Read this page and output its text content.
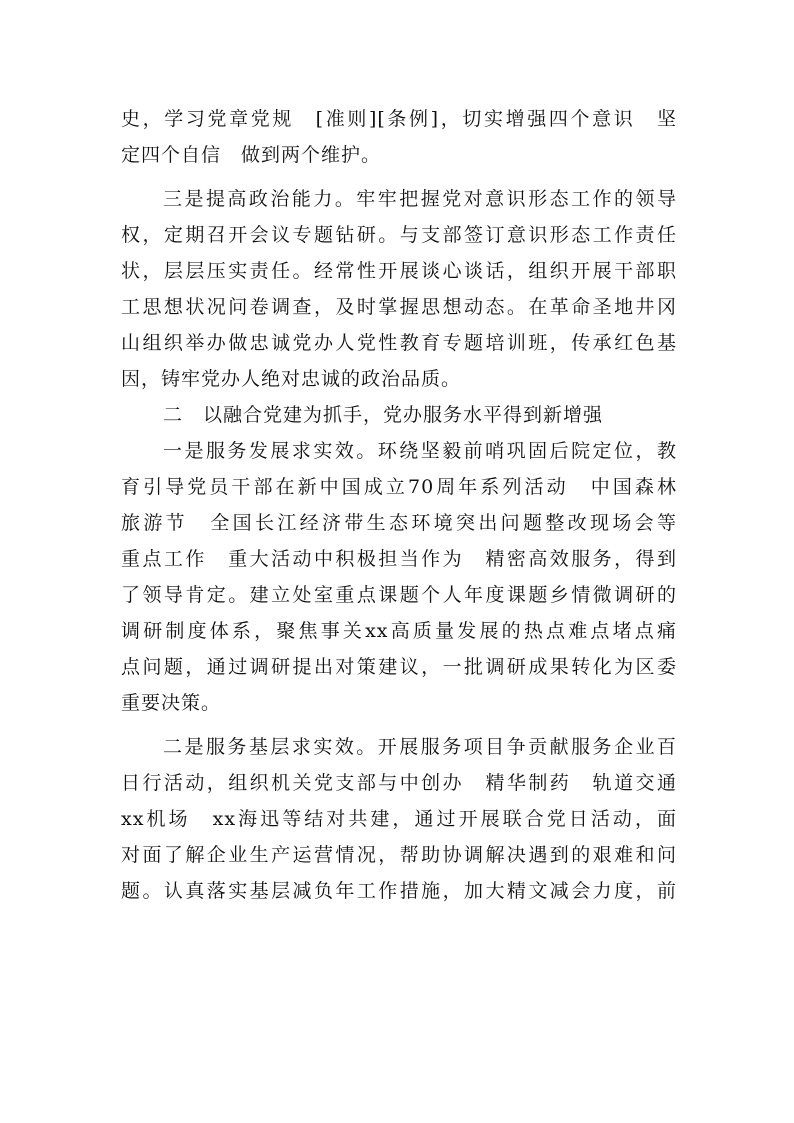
史，学习党章党规　[准则][条例]，切实增强四个意识　坚
定四个自信　做到两个维护。
三是提高政治能力。牢牢把握党对意识形态工作的领导
权，定期召开会议专题钻研。与支部签订意识形态工作责任
状，层层压实责任。经常性开展谈心谈话，组织开展干部职
工思想状况问卷调查，及时掌握思想动态。在革命圣地井冈
山组织举办做忠诚党办人党性教育专题培训班，传承红色基
因，铸牢党办人绝对忠诚的政治品质。
二　以融合党建为抓手，党办服务水平得到新增强
一是服务发展求实效。环绕坚毅前哨巩固后院定位，教
育引导党员干部在新中国成立70周年系列活动　中国森林
旅游节　全国长江经济带生态环境突出问题整改现场会等
重点工作　重大活动中积极担当作为　精密高效服务，得到
了领导肯定。建立处室重点课题个人年度课题乡情微调研的
调研制度体系，聚焦事关xx高质量发展的热点难点堵点痛
点问题，通过调研提出对策建议，一批调研成果转化为区委
重要决策。
二是服务基层求实效。开展服务项目争贡献服务企业百
日行活动，组织机关党支部与中创办　精华制药　轨道交通
xx机场　xx海迅等结对共建，通过开展联合党日活动，面
对面了解企业生产运营情况，帮助协调解决遇到的艰难和问
题。认真落实基层减负年工作措施，加大精文减会力度，前
